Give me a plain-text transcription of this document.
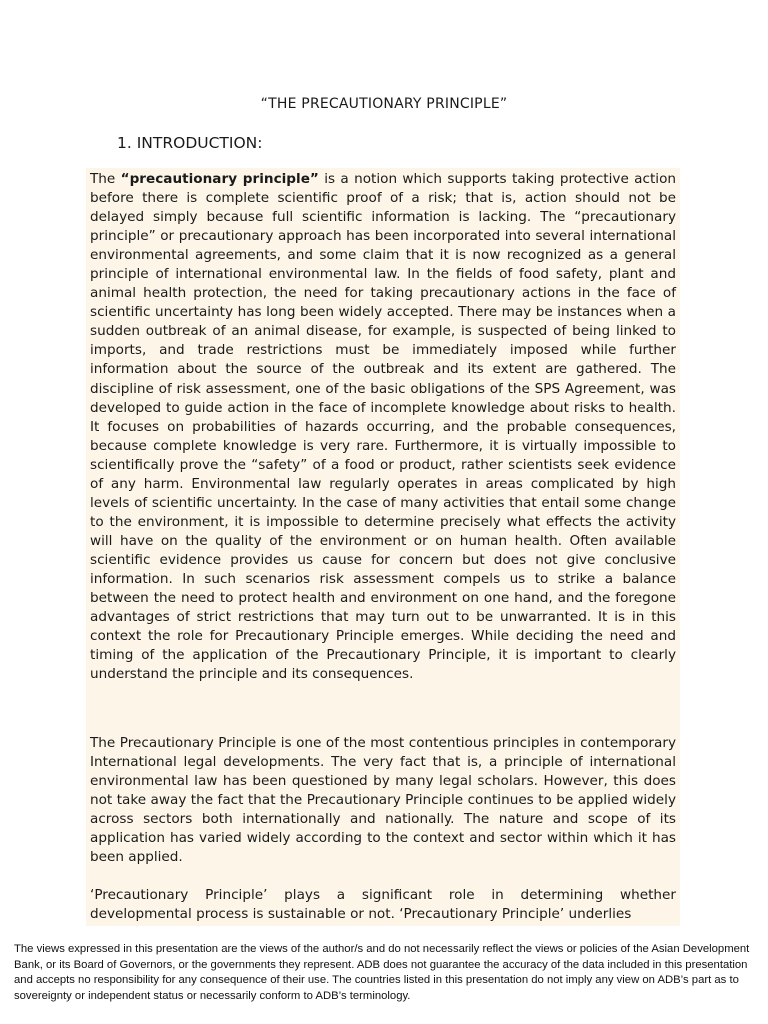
“THE PRECAUTIONARY PRINCIPLE”
1. INTRODUCTION:

The “precautionary principle” is a notion which supports taking protective action before there is complete scientific proof of a risk; that is, action should not be delayed simply because full scientific information is lacking. The “precautionary principle” or precautionary approach has been incorporated into several international environmental agreements, and some claim that it is now recognized as a general principle of international environmental law. In the fields of food safety, plant and animal health protection, the need for taking precautionary actions in the face of scientific uncertainty has long been widely accepted. There may be instances when a sudden outbreak of an animal disease, for example, is suspected of being linked to imports, and trade restrictions must be immediately imposed while further information about the source of the outbreak and its extent are gathered. The discipline of risk assessment, one of the basic obligations of the SPS Agreement, was developed to guide action in the face of incomplete knowledge about risks to health. It focuses on probabilities of hazards occurring, and the probable consequences, because complete knowledge is very rare. Furthermore, it is virtually impossible to scientifically prove the “safety” of a food or product, rather scientists seek evidence of any harm. Environmental law regularly operates in areas complicated by high levels of scientific uncertainty. In the case of many activities that entail some change to the environment, it is impossible to determine precisely what effects the activity will have on the quality of the environment or on human health. Often available scientific evidence provides us cause for concern but does not give conclusive information. In such scenarios risk assessment compels us to strike a balance between the need to protect health and environment on one hand, and the foregone advantages of strict restrictions that may turn out to be unwarranted. It is in this context the role for Precautionary Principle emerges. While deciding the need and timing of the application of the Precautionary Principle, it is important to clearly understand the principle and its consequences.

The Precautionary Principle is one of the most contentious principles in contemporary International legal developments. The very fact that is, a principle of international environmental law has been questioned by many legal scholars. However, this does not take away the fact that the Precautionary Principle continues to be applied widely across sectors both internationally and nationally. The nature and scope of its application has varied widely according to the context and sector within which it has been applied.

‘Precautionary Principle’ plays a significant role in determining whether developmental process is sustainable or not. ‘Precautionary Principle’ underlies

The views expressed in this presentation are the views of the author/s and do not necessarily reflect the views or policies of the Asian Development Bank, or its Board of Governors, or the governments they represent. ADB does not guarantee the accuracy of the data included in this presentation and accepts no responsibility for any consequence of their use. The countries listed in this presentation do not imply any view on ADB’s part as to sovereignty or independent status or necessarily conform to ADB’s terminology.
